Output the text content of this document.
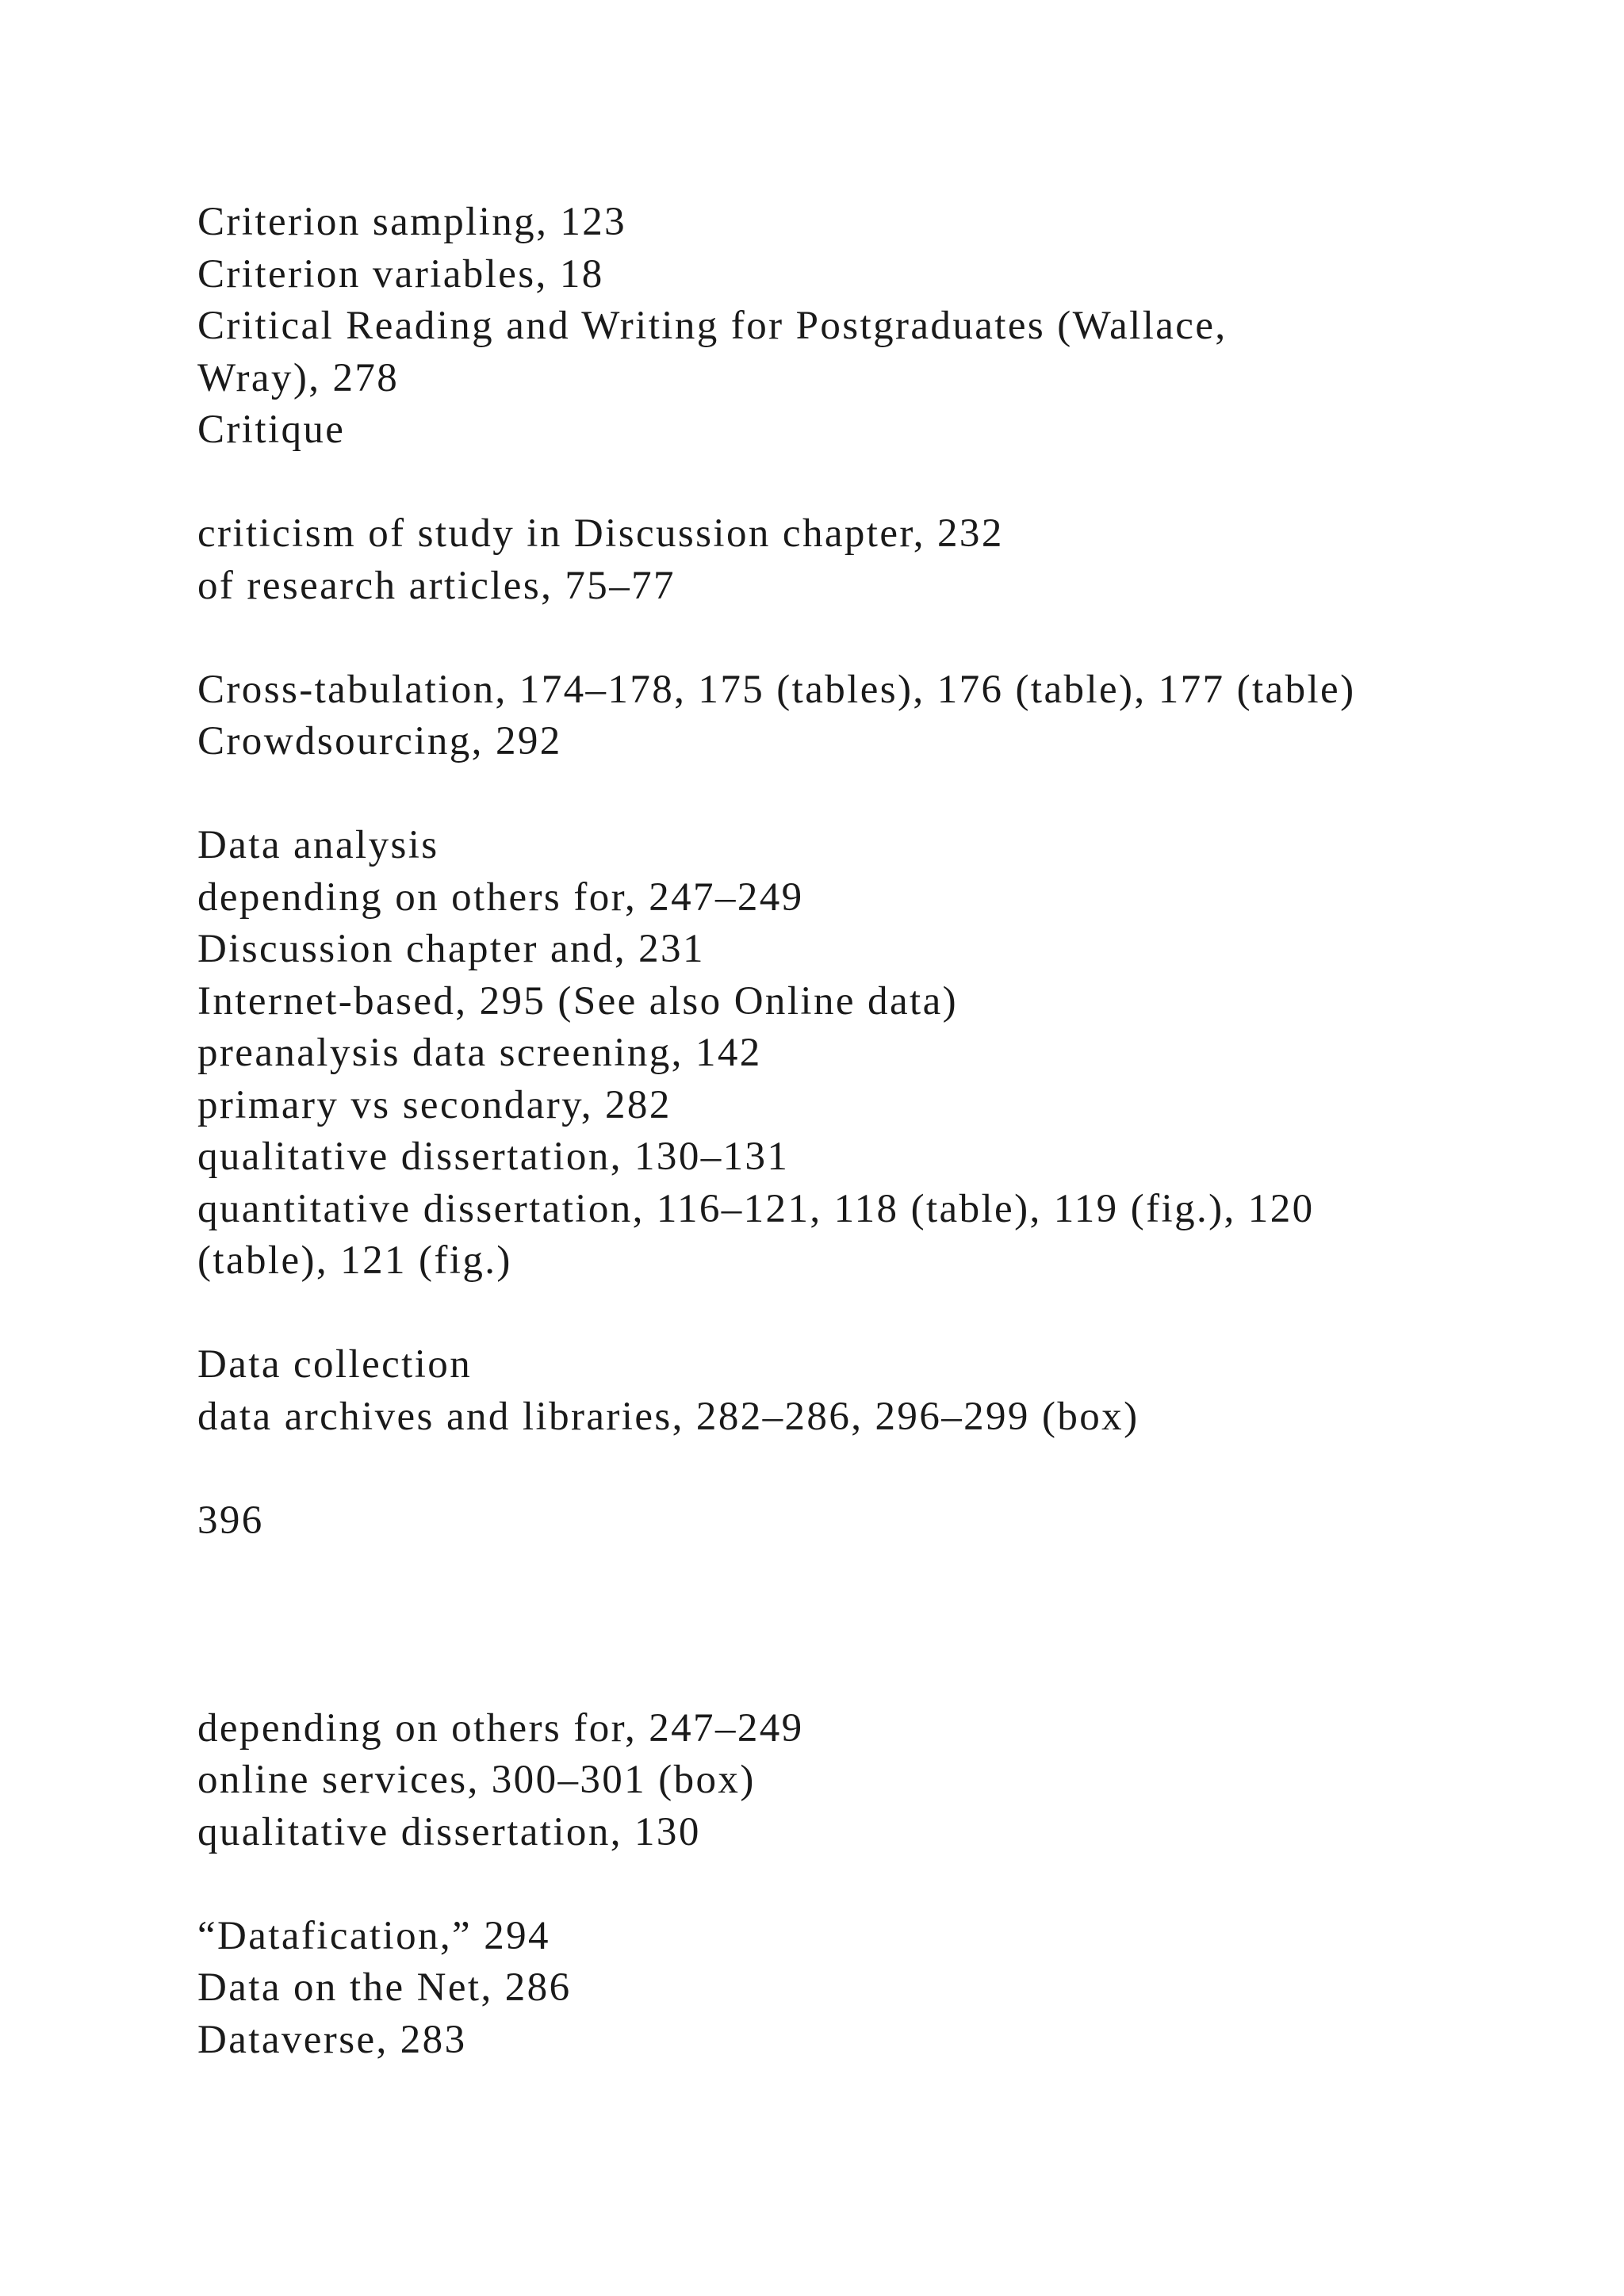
Criterion sampling, 123
Criterion variables, 18
Critical Reading and Writing for Postgraduates (Wallace,
Wray), 278
Critique
criticism of study in Discussion chapter, 232
of research articles, 75–77
Cross-tabulation, 174–178, 175 (tables), 176 (table), 177 (table)
Crowdsourcing, 292
Data analysis
depending on others for, 247–249
Discussion chapter and, 231
Internet-based, 295 (See also Online data)
preanalysis data screening, 142
primary vs secondary, 282
qualitative dissertation, 130–131
quantitative dissertation, 116–121, 118 (table), 119 (fig.), 120
(table), 121 (fig.)
Data collection
data archives and libraries, 282–286, 296–299 (box)
396
depending on others for, 247–249
online services, 300–301 (box)
qualitative dissertation, 130
“Datafication,” 294
Data on the Net, 286
Dataverse, 283
